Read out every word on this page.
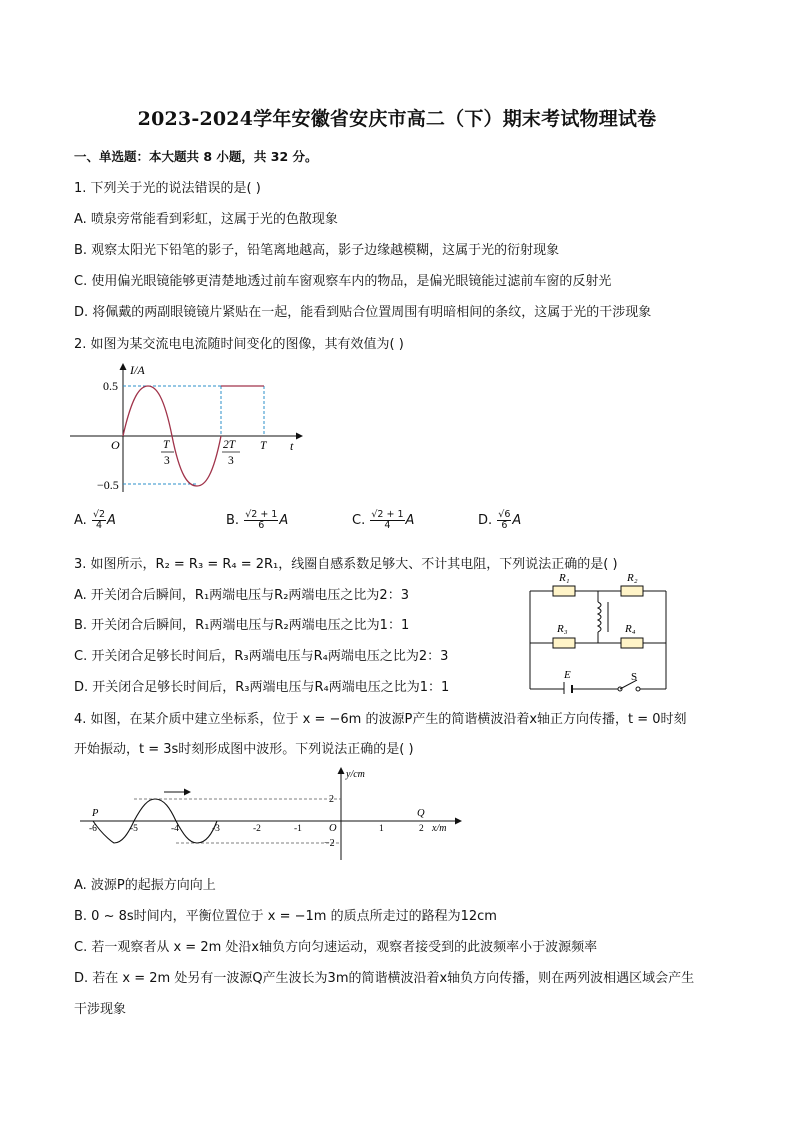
2023-2024学年安徽省安庆市高二（下）期末考试物理试卷
一、单选题：本大题共 8 小题，共 32 分。
1. 下列关于光的说法错误的是( )
A. 喷泉旁常能看到彩虹，这属于光的色散现象
B. 观察太阳光下铅笔的影子，铅笔离地越高，影子边缘越模糊，这属于光的衍射现象
C. 使用偏光眼镜能够更清楚地透过前车窗观察车内的物品，是偏光眼镜能过滤前车窗的反射光
D. 将佩戴的两副眼镜镜片紧贴在一起，能看到贴合位置周围有明暗相间的条纹，这属于光的干涉现象
2. 如图为某交流电电流随时间变化的图像，其有效值为( )
I/A
0.5
−0.5
O	t
T
3
2T
3
T
A. $\frac{√2}{4}$ A	B. $\frac{√2 + 1}{6}$ A	C. $\frac{√2 + 1}{4}$ A	D. $\frac{√6}{6}$ A
3. 如图所示，R₂ = R₃ = R₄ = 2R₁，线圈自感系数足够大、不计其电阻，下列说法正确的是( )
A. 开关闭合后瞬间，R₁两端电压与R₂两端电压之比为2：3
B. 开关闭合后瞬间，R₁两端电压与R₂两端电压之比为1：1
C. 开关闭合足够长时间后，R₃两端电压与R₄两端电压之比为2：3
D. 开关闭合足够长时间后，R₃两端电压与R₄两端电压之比为1：1
R₁	R₂
R₃	R₄
E	S
4. 如图，在某介质中建立坐标系，位于 x = −6m 的波源P产生的简谐横波沿着x轴正方向传播，t = 0时刻
开始振动，t = 3s时刻形成图中波形。下列说法正确的是( )
y/cm
x/m
2
−2
P	Q
O
-6	-5	-4	-3	-2	-1	1	2
A. 波源P的起振方向向上
B. 0 ~ 8s时间内，平衡位置位于 x = −1m 的质点所走过的路程为12cm
C. 若一观察者从 x = 2m 处沿x轴负方向匀速运动，观察者接受到的此波频率小于波源频率
D. 若在 x = 2m 处另有一波源Q产生波长为3m的简谐横波沿着x轴负方向传播，则在两列波相遇区域会产生
干涉现象
